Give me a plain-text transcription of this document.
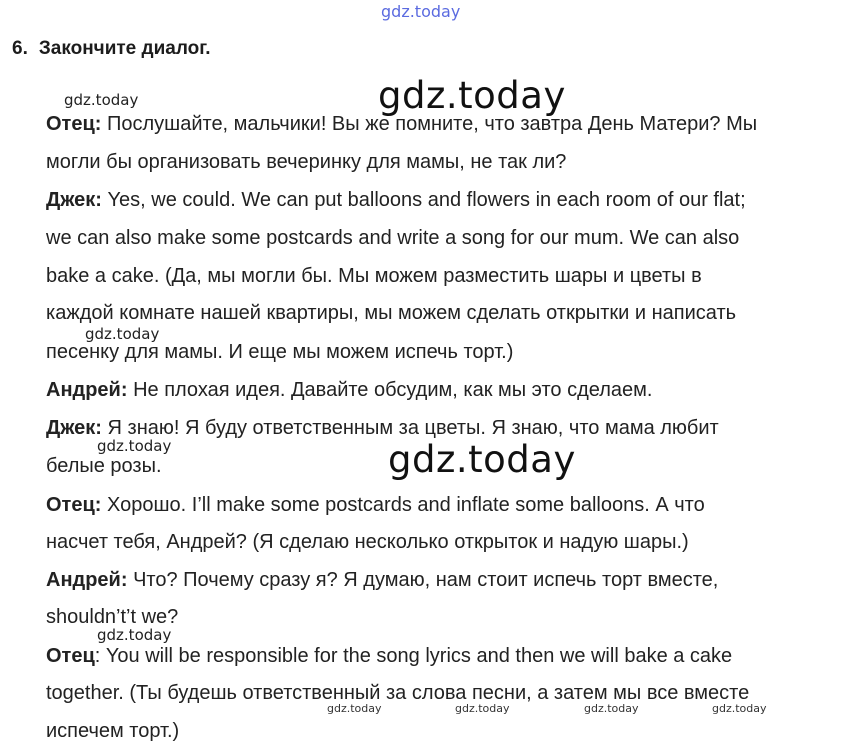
gdz.today
gdz.today
gdz.today
gdz.today
gdz.today
gdz.today
gdz.today
gdz.today	gdz.today	gdz.today	gdz.today
6. Закончите диалог.
Отец: Послушайте, мальчики! Вы же помните, что завтра День Матери? Мы
могли бы организовать вечеринку для мамы, не так ли?
Джек: Yes, we could. We can put balloons and flowers in each room of our flat;
we can also make some postcards and write a song for our mum. We can also
bake a cake. (Да, мы могли бы. Мы можем разместить шары и цветы в
каждой комнате нашей квартиры, мы можем сделать открытки и написать
песенку для мамы. И еще мы можем испечь торт.)
Андрей: Не плохая идея. Давайте обсудим, как мы это сделаем.
Джек: Я знаю! Я буду ответственным за цветы. Я знаю, что мама любит
белые розы.
Отец: Хорошо. I’ll make some postcards and inflate some balloons. А что
насчет тебя, Андрей? (Я сделаю несколько открыток и надую шары.)
Андрей: Что? Почему сразу я? Я думаю, нам стоит испечь торт вместе,
shouldn’t’t we?
Отец: You will be responsible for the song lyrics and then we will bake a cake
together. (Ты будешь ответственный за слова песни, а затем мы все вместе
испечем торт.)
